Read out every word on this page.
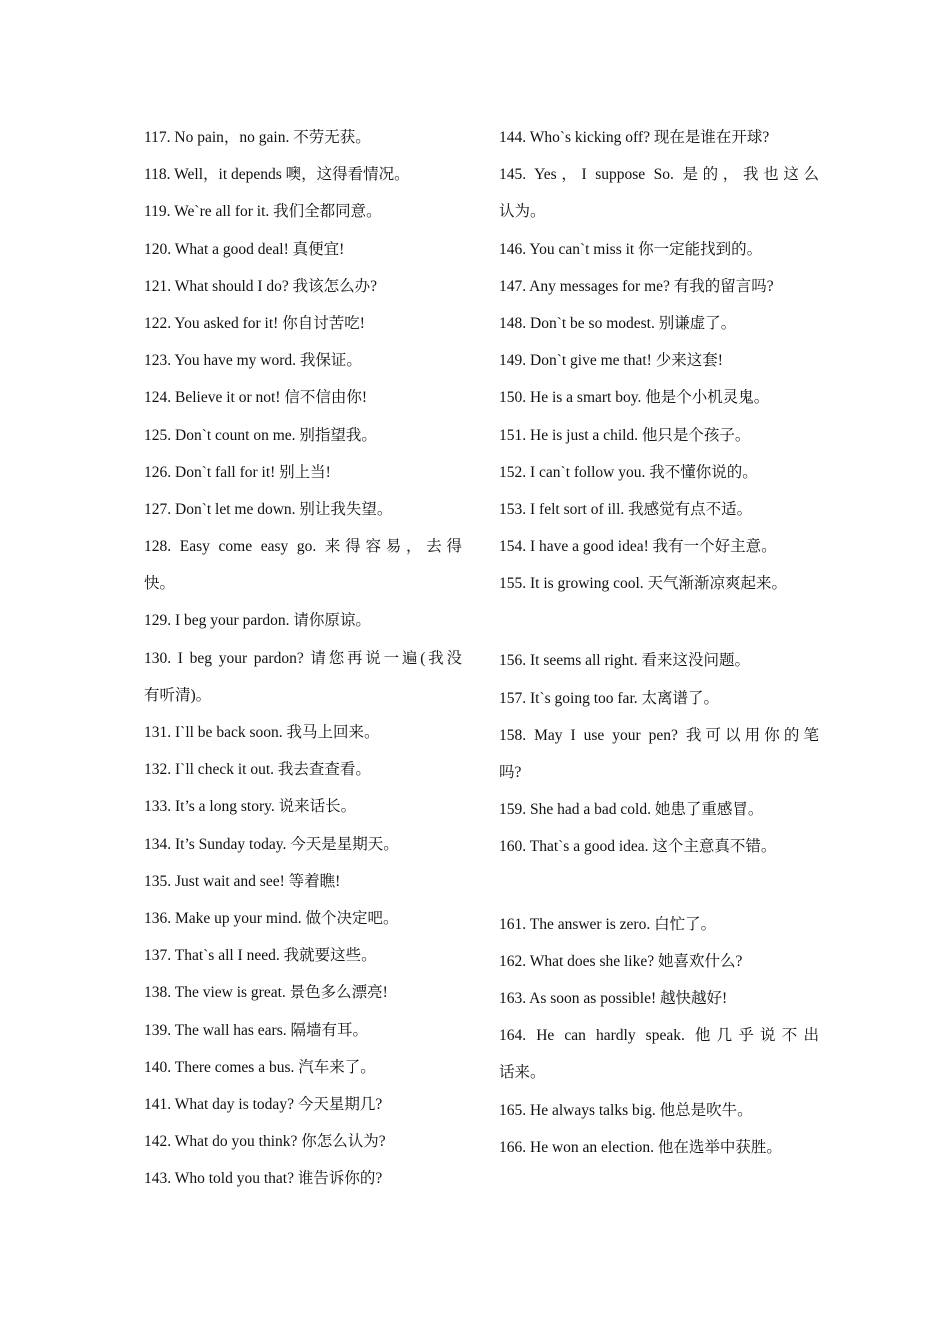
117. No pain，no gain. 不劳无获。
118. Well，it depends 噢，这得看情况。
119. We`re all for it. 我们全都同意。
120. What a good deal! 真便宜!
121. What should I do? 我该怎么办?
122. You asked for it! 你自讨苦吃!
123. You have my word. 我保证。
124. Believe it or not! 信不信由你!
125. Don`t count on me. 别指望我。
126. Don`t fall for it! 别上当!
127. Don`t let me down. 别让我失望。
128. Easy come easy go. 来得容易，去得
快。
129. I beg your pardon. 请你原谅。
130. I beg your pardon? 请您再说一遍(我没
有听清)。
131. I`ll be back soon. 我马上回来。
132. I`ll check it out. 我去查查看。
133. It’s a long story. 说来话长。
134. It’s Sunday today. 今天是星期天。
135. Just wait and see! 等着瞧!
136. Make up your mind. 做个决定吧。
137. That`s all I need. 我就要这些。
138. The view is great. 景色多么漂亮!
139. The wall has ears. 隔墙有耳。
140. There comes a bus. 汽车来了。
141. What day is today? 今天星期几?
142. What do you think? 你怎么认为?
143. Who told you that? 谁告诉你的?
144. Who`s kicking off? 现在是谁在开球?
145. Yes，I suppose So. 是的，我也这么
认为。
146. You can`t miss it 你一定能找到的。
147. Any messages for me? 有我的留言吗?
148. Don`t be so modest. 别谦虚了。
149. Don`t give me that! 少来这套!
150. He is a smart boy. 他是个小机灵鬼。
151. He is just a child. 他只是个孩子。
152. I can`t follow you. 我不懂你说的。
153. I felt sort of ill. 我感觉有点不适。
154. I have a good idea! 我有一个好主意。
155. It is growing cool. 天气渐渐凉爽起来。
156. It seems all right. 看来这没问题。
157. It`s going too far. 太离谱了。
158. May I use your pen? 我可以用你的笔
吗?
159. She had a bad cold. 她患了重感冒。
160. That`s a good idea. 这个主意真不错。
161. The answer is zero. 白忙了。
162. What does she like? 她喜欢什么?
163. As soon as possible! 越快越好!
164. He can hardly speak. 他几乎说不出
话来。
165. He always talks big. 他总是吹牛。
166. He won an election. 他在选举中获胜。
